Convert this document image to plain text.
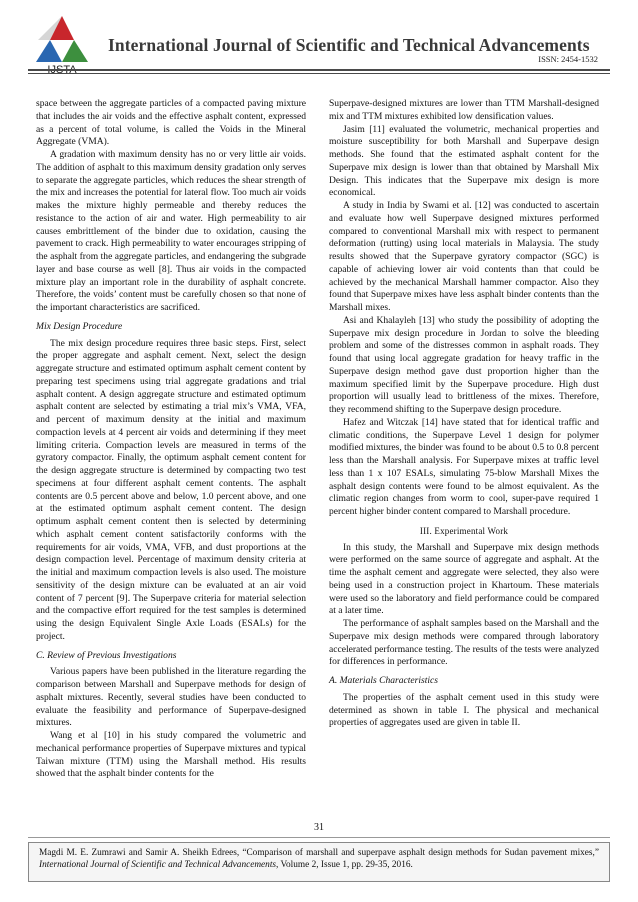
IJSTA
International Journal of Scientific and Technical Advancements
ISSN: 2454-1532

space between the aggregate particles of a compacted paving mixture that includes the air voids and the effective asphalt content, expressed as a percent of total volume, is called the Voids in the Mineral Aggregate (VMA).

A gradation with maximum density has no or very little air voids. The addition of asphalt to this maximum density gradation only serves to separate the aggregate particles, which reduces the shear strength of the mix and increases the potential for lateral flow. Too much air voids makes the mixture highly permeable and thereby reduces the resistance to the action of air and water. High permeability to air causes embrittlement of the binder due to oxidation, causing the pavement to crack. High permeability to water encourages stripping of the asphalt from the aggregate particles, and endangering the subgrade layer and base course as well [8]. Thus air voids in the compacted mixture play an important role in the durability of asphalt concrete. Therefore, the voids’ content must be carefully chosen so that none of the important characteristics are sacrificed.

Mix Design Procedure

The mix design procedure requires three basic steps. First, select the proper aggregate and asphalt cement. Next, select the design aggregate structure and estimated optimum asphalt cement content by preparing test specimens using trial aggregate gradations and trial asphalt content. A design aggregate structure and estimated optimum asphalt content are selected by estimating a trial mix’s VMA, VFA, and percent of maximum density at the initial and maximum compaction levels at 4 percent air voids and determining if they meet limiting criteria. Compaction levels are measured in terms of the gyratory compactor. Finally, the optimum asphalt cement content for the design aggregate structure is determined by compacting two test specimens at four different asphalt cement contents. The asphalt contents are 0.5 percent above and below, 1.0 percent above, and one at the estimated optimum asphalt cement content. The design optimum asphalt cement content then is selected by determining which asphalt cement content satisfactorily conforms with the requirements for air voids, VMA, VFB, and dust proportions at the design compaction level. Percentage of maximum density criteria at the initial and maximum compaction levels is also used. The moisture sensitivity of the design mixture can be evaluated at an air void content of 7 percent [9]. The Superpave criteria for material selection and the compactive effort required for the test samples is determined using the design Equivalent Single Axle Loads (ESALs) for the project.

C. Review of Previous Investigations

Various papers have been published in the literature regarding the comparison between Marshall and Superpave methods for design of asphalt mixtures. Recently, several studies have been conducted to evaluate the feasibility and performance of Superpave-designed mixtures.

Wang et al [10] in his study compared the volumetric and mechanical performance properties of Superpave mixtures and typical Taiwan mixture (TTM) using the Marshall method. His results showed that the asphalt binder contents for the

Superpave-designed mixtures are lower than TTM Marshall-designed mix and TTM mixtures exhibited low densification values.

Jasim [11] evaluated the volumetric, mechanical properties and moisture susceptibility for both Marshall and Superpave design methods. She found that the estimated asphalt content for the Superpave mix design is lower than that obtained by Marshall Mix Design. This indicates that the Superpave mix design is more economical.

A study in India by Swami et al. [12] was conducted to ascertain and evaluate how well Superpave designed mixtures performed compared to conventional Marshall mix with respect to permanent deformation (rutting) using local materials in Malaysia. The study results showed that the Superpave gyratory compactor (SGC) is capable of achieving lower air void contents than that could be achieved by the mechanical Marshall hammer compactor. Also they found that Superpave mixes have less asphalt binder contents than the Marshall mixes.

Asi and Khalayleh [13] who study the possibility of adopting the Superpave mix design procedure in Jordan to solve the bleeding problem and some of the distresses common in asphalt roads. They found that using local aggregate gradation for heavy traffic in the Superpave design method gave dust proportion higher than the maximum specified limit by the Superpave procedure. High dust proportion will usually lead to brittleness of the mixes. Therefore, they recommend shifting to the Superpave design procedure.

Hafez and Witczak [14] have stated that for identical traffic and climatic conditions, the Superpave Level 1 design for polymer modified mixtures, the binder was found to be about 0.5 to 0.8 percent less than the Marshall analysis. For Superpave mixes at traffic level less than 1 x 107 ESALs, simulating 75-blow Marshall Mixes the asphalt design contents were found to be almost equivalent. As the climatic region changes from worm to cool, super-pave required 1 percent higher binder content compared to Marshall procedure.

III. Experimental Work

In this study, the Marshall and Superpave mix design methods were performed on the same source of aggregate and asphalt. At the time the asphalt cement and aggregate were selected, they also were being used in a construction project in Khartoum. These materials were used so the laboratory and field performance could be compared at a later time.

The performance of asphalt samples based on the Marshall and the Superpave mix design methods were compared through laboratory accelerated performance testing. The results of the tests were analyzed for differences in performance.

A. Materials Characteristics

The properties of the asphalt cement used in this study were determined as shown in table I. The physical and mechanical properties of aggregates used are given in table II.

31
Magdi M. E. Zumrawi and Samir A. Sheikh Edrees, “Comparison of marshall and superpave asphalt design methods for Sudan pavement mixes,” International Journal of Scientific and Technical Advancements, Volume 2, Issue 1, pp. 29-35, 2016.
